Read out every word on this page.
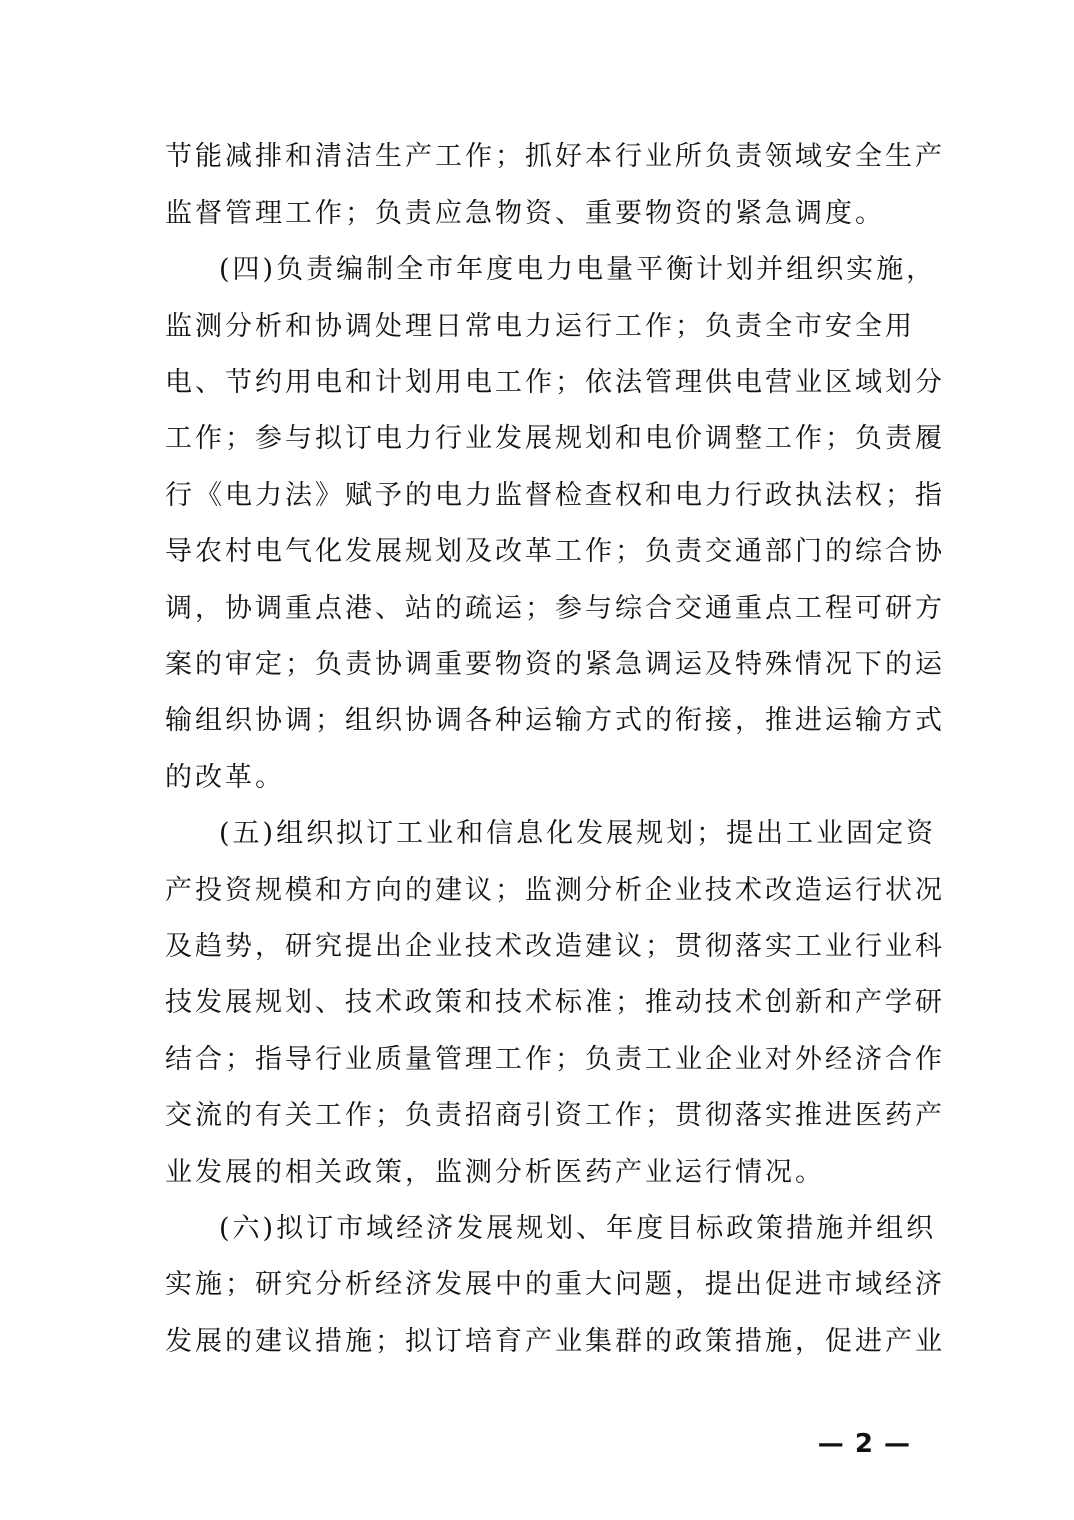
节能减排和清洁生产工作；抓好本行业所负责领域安全生产
监督管理工作；负责应急物资、重要物资的紧急调度。
(四)负责编制全市年度电力电量平衡计划并组织实施，
监测分析和协调处理日常电力运行工作；负责全市安全用
电、节约用电和计划用电工作；依法管理供电营业区域划分
工作；参与拟订电力行业发展规划和电价调整工作；负责履
行《电力法》赋予的电力监督检查权和电力行政执法权；指
导农村电气化发展规划及改革工作；负责交通部门的综合协
调，协调重点港、站的疏运；参与综合交通重点工程可研方
案的审定；负责协调重要物资的紧急调运及特殊情况下的运
输组织协调；组织协调各种运输方式的衔接，推进运输方式
的改革。
(五)组织拟订工业和信息化发展规划；提出工业固定资
产投资规模和方向的建议；监测分析企业技术改造运行状况
及趋势，研究提出企业技术改造建议；贯彻落实工业行业科
技发展规划、技术政策和技术标准；推动技术创新和产学研
结合；指导行业质量管理工作；负责工业企业对外经济合作
交流的有关工作；负责招商引资工作；贯彻落实推进医药产
业发展的相关政策，监测分析医药产业运行情况。
(六)拟订市域经济发展规划、年度目标政策措施并组织
实施；研究分析经济发展中的重大问题，提出促进市域经济
发展的建议措施；拟订培育产业集群的政策措施，促进产业
— 2 —
